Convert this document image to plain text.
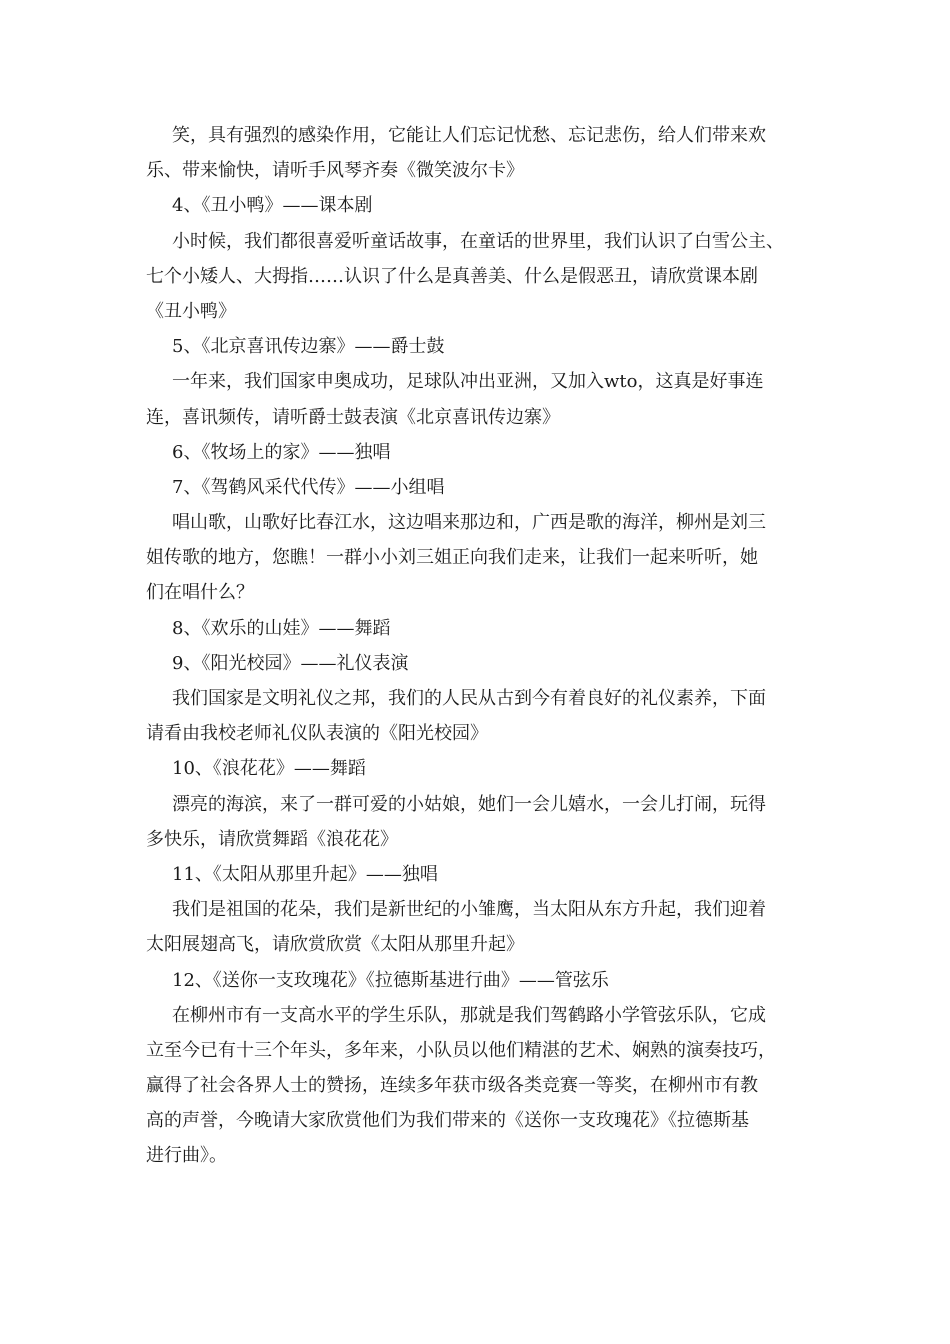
笑，具有强烈的感染作用，它能让人们忘记忧愁、忘记悲伤，给人们带来欢
乐、带来愉快，请听手风琴齐奏《微笑波尔卡》
4、《丑小鸭》——课本剧
小时候，我们都很喜爱听童话故事，在童话的世界里，我们认识了白雪公主、
七个小矮人、大拇指……认识了什么是真善美、什么是假恶丑，请欣赏课本剧
《丑小鸭》
5、《北京喜讯传边寨》——爵士鼓
一年来，我们国家申奥成功，足球队冲出亚洲，又加入wto，这真是好事连
连，喜讯频传，请听爵士鼓表演《北京喜讯传边寨》
6、《牧场上的家》——独唱
7、《驾鹤风采代代传》——小组唱
唱山歌，山歌好比春江水，这边唱来那边和，广西是歌的海洋，柳州是刘三
姐传歌的地方，您瞧！一群小小刘三姐正向我们走来，让我们一起来听听，她
们在唱什么？
8、《欢乐的山娃》——舞蹈
9、《阳光校园》——礼仪表演
我们国家是文明礼仪之邦，我们的人民从古到今有着良好的礼仪素养，下面
请看由我校老师礼仪队表演的《阳光校园》
10、《浪花花》——舞蹈
漂亮的海滨，来了一群可爱的小姑娘，她们一会儿嬉水，一会儿打闹，玩得
多快乐，请欣赏舞蹈《浪花花》
11、《太阳从那里升起》——独唱
我们是祖国的花朵，我们是新世纪的小雏鹰，当太阳从东方升起，我们迎着
太阳展翅高飞，请欣赏欣赏《太阳从那里升起》
12、《送你一支玫瑰花》《拉德斯基进行曲》——管弦乐
在柳州市有一支高水平的学生乐队，那就是我们驾鹤路小学管弦乐队，它成
立至今已有十三个年头，多年来，小队员以他们精湛的艺术、娴熟的演奏技巧，
赢得了社会各界人士的赞扬，连续多年获市级各类竞赛一等奖，在柳州市有教
高的声誉，今晚请大家欣赏他们为我们带来的《送你一支玫瑰花》《拉德斯基
进行曲》。
